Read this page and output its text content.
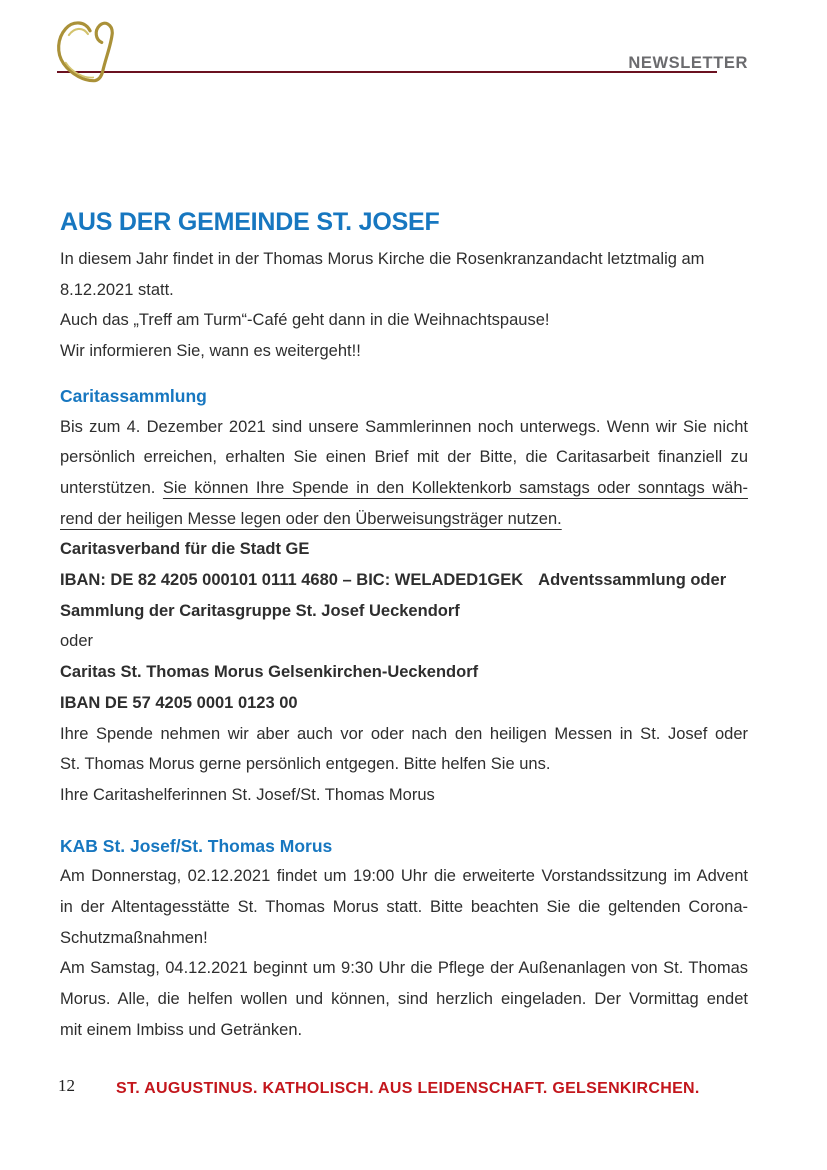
NEWSLETTER
AUS DER GEMEINDE ST. JOSEF
In diesem Jahr findet in der Thomas Morus Kirche die Rosenkranzandacht letztmalig am
8.12.2021 statt.
Auch das „Treff am Turm“-Café geht dann in die Weihnachtspause!
Wir informieren Sie, wann es weitergeht!!
Caritassammlung
Bis zum 4. Dezember 2021 sind unsere Sammlerinnen noch unterwegs. Wenn wir Sie nicht
persönlich erreichen, erhalten Sie einen Brief mit der Bitte, die Caritasarbeit finanziell zu
unterstützen. Sie können Ihre Spende in den Kollektenkorb samstags oder sonntags wäh-
rend der heiligen Messe legen oder den Überweisungsträger nutzen.
Caritasverband für die Stadt GE
IBAN: DE 82 4205 000101 0111 4680 – BIC: WELADED1GEK Adventssammlung oder
Sammlung der Caritasgruppe St. Josef Ueckendorf
oder
Caritas St. Thomas Morus Gelsenkirchen-Ueckendorf
IBAN DE 57 4205 0001 0123 00
Ihre Spende nehmen wir aber auch vor oder nach den heiligen Messen in St. Josef oder
St. Thomas Morus gerne persönlich entgegen. Bitte helfen Sie uns.
Ihre Caritashelferinnen St. Josef/St. Thomas Morus
KAB St. Josef/St. Thomas Morus
Am Donnerstag, 02.12.2021 findet um 19:00 Uhr die erweiterte Vorstandssitzung im Advent
in der Altentagesstätte St. Thomas Morus statt. Bitte beachten Sie die geltenden Corona-
Schutzmaßnahmen!
Am Samstag, 04.12.2021 beginnt um 9:30 Uhr die Pflege der Außenanlagen von St. Thomas
Morus. Alle, die helfen wollen und können, sind herzlich eingeladen. Der Vormittag endet
mit einem Imbiss und Getränken.
12	ST. AUGUSTINUS. KATHOLISCH. AUS LEIDENSCHAFT. GELSENKIRCHEN.
